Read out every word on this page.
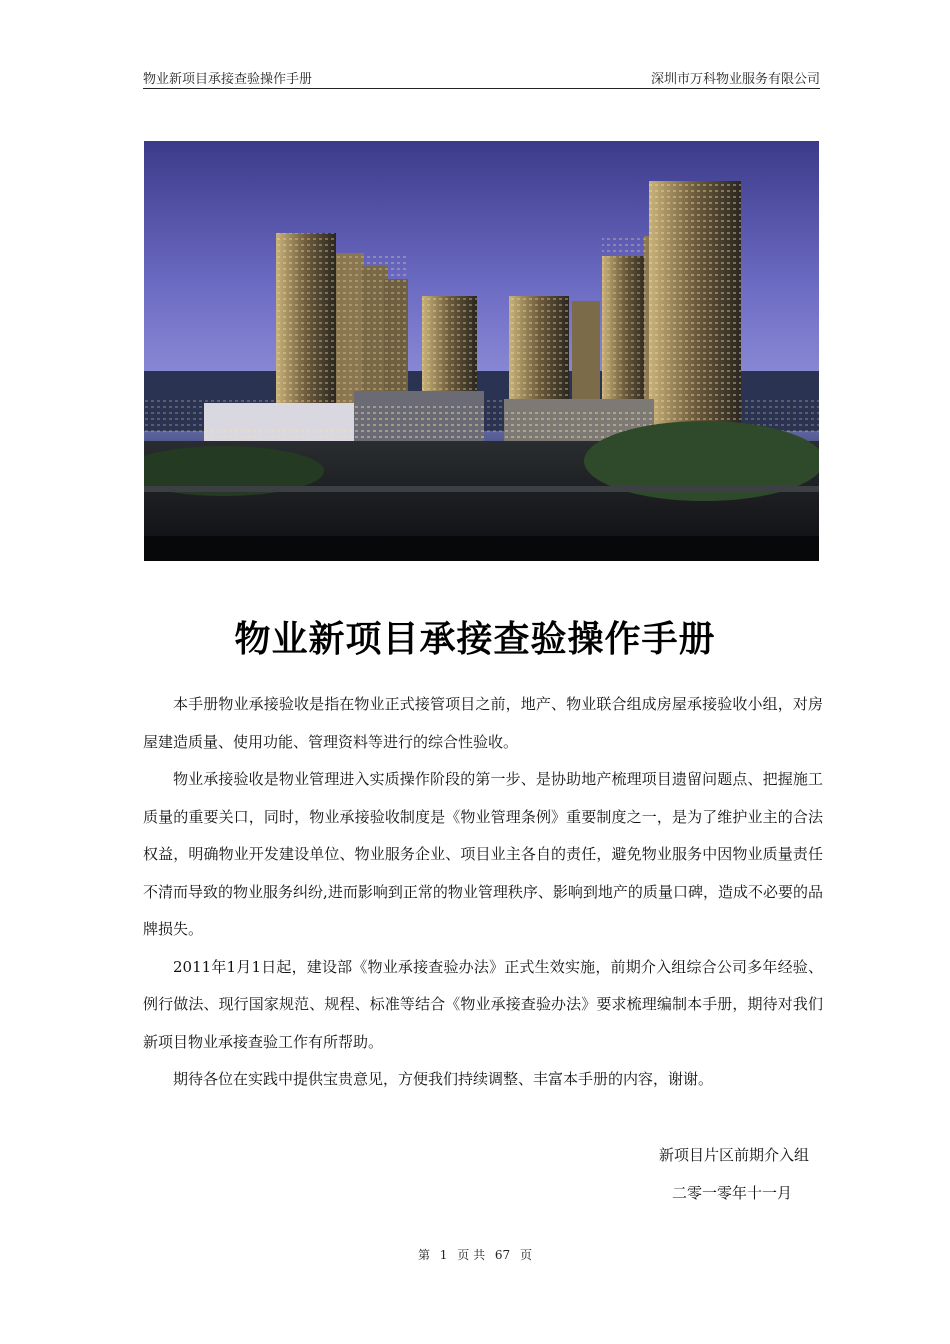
物业新项目承接查验操作手册	深圳市万科物业服务有限公司
物业新项目承接查验操作手册

本手册物业承接验收是指在物业正式接管项目之前，地产、物业联合组成房屋承接验收小组，对房屋建造质量、使用功能、管理资料等进行的综合性验收。

物业承接验收是物业管理进入实质操作阶段的第一步、是协助地产梳理项目遗留问题点、把握施工质量的重要关口，同时，物业承接验收制度是《物业管理条例》重要制度之一，是为了维护业主的合法权益，明确物业开发建设单位、物业服务企业、项目业主各自的责任，避免物业服务中因物业质量责任不清而导致的物业服务纠纷,进而影响到正常的物业管理秩序、影响到地产的质量口碑，造成不必要的品牌损失。

2011年1月1日起，建设部《物业承接查验办法》正式生效实施，前期介入组综合公司多年经验、例行做法、现行国家规范、规程、标准等结合《物业承接查验办法》要求梳理编制本手册，期待对我们新项目物业承接查验工作有所帮助。

期待各位在实践中提供宝贵意见，方便我们持续调整、丰富本手册的内容，谢谢。

新项目片区前期介入组
二零一零年十一月
第 1 页 共 67 页
